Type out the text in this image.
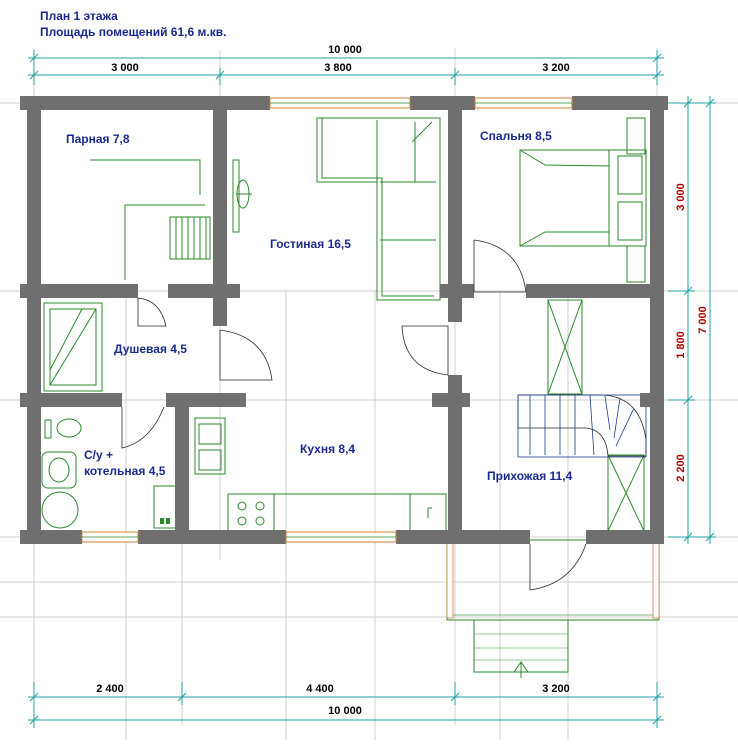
План 1 этажа
Площадь помещений 61,6 м.кв.
10 000
3 000	3 800	3 200
2 400	4 400	3 200
10 000
3 000
1 800
2 200
7 000
Парная 7,8
Гостиная 16,5
Спальня 8,5
Душевая 4,5
Кухня 8,4
Прихожая 11,4
С/у +
котельная 4,5
